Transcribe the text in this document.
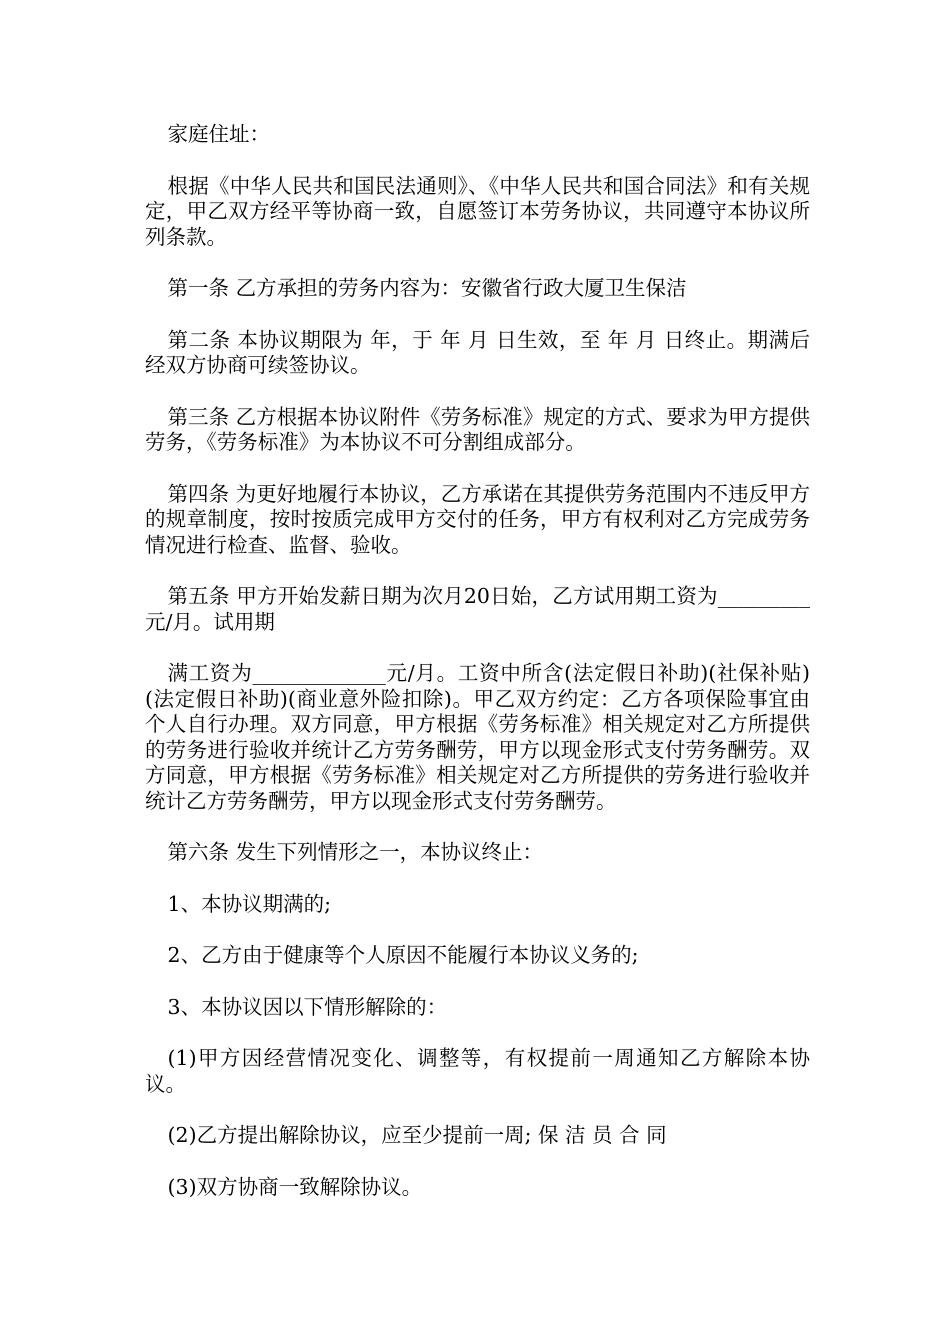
家庭住址：

根据《中华人民共和国民法通则》、《中华人民共和国合同法》和有关规定，甲乙双方经平等协商一致，自愿签订本劳务协议，共同遵守本协议所列条款。

第一条 乙方承担的劳务内容为：安徽省行政大厦卫生保洁

第二条 本协议期限为 年，于 年 月 日生效，至 年 月 日终止。期满后经双方协商可续签协议。

第三条 乙方根据本协议附件《劳务标准》规定的方式、要求为甲方提供劳务，《劳务标准》为本协议不可分割组成部分。

第四条 为更好地履行本协议，乙方承诺在其提供劳务范围内不违反甲方的规章制度，按时按质完成甲方交付的任务，甲方有权利对乙方完成劳务情况进行检查、监督、验收。

第五条 甲方开始发薪日期为次月20日始，乙方试用期工资为_________元/月。试用期

满工资为_____________元/月。工资中所含(法定假日补助)(社保补贴)(法定假日补助)(商业意外险扣除)。甲乙双方约定：乙方各项保险事宜由个人自行办理。双方同意，甲方根据《劳务标准》相关规定对乙方所提供的劳务进行验收并统计乙方劳务酬劳，甲方以现金形式支付劳务酬劳。双方同意，甲方根据《劳务标准》相关规定对乙方所提供的劳务进行验收并统计乙方劳务酬劳，甲方以现金形式支付劳务酬劳。

第六条 发生下列情形之一，本协议终止：

1、本协议期满的;

2、乙方由于健康等个人原因不能履行本协议义务的;

3、本协议因以下情形解除的：

(1)甲方因经营情况变化、调整等，有权提前一周通知乙方解除本协议。

(2)乙方提出解除协议，应至少提前一周; 保 洁 员 合 同

(3)双方协商一致解除协议。
